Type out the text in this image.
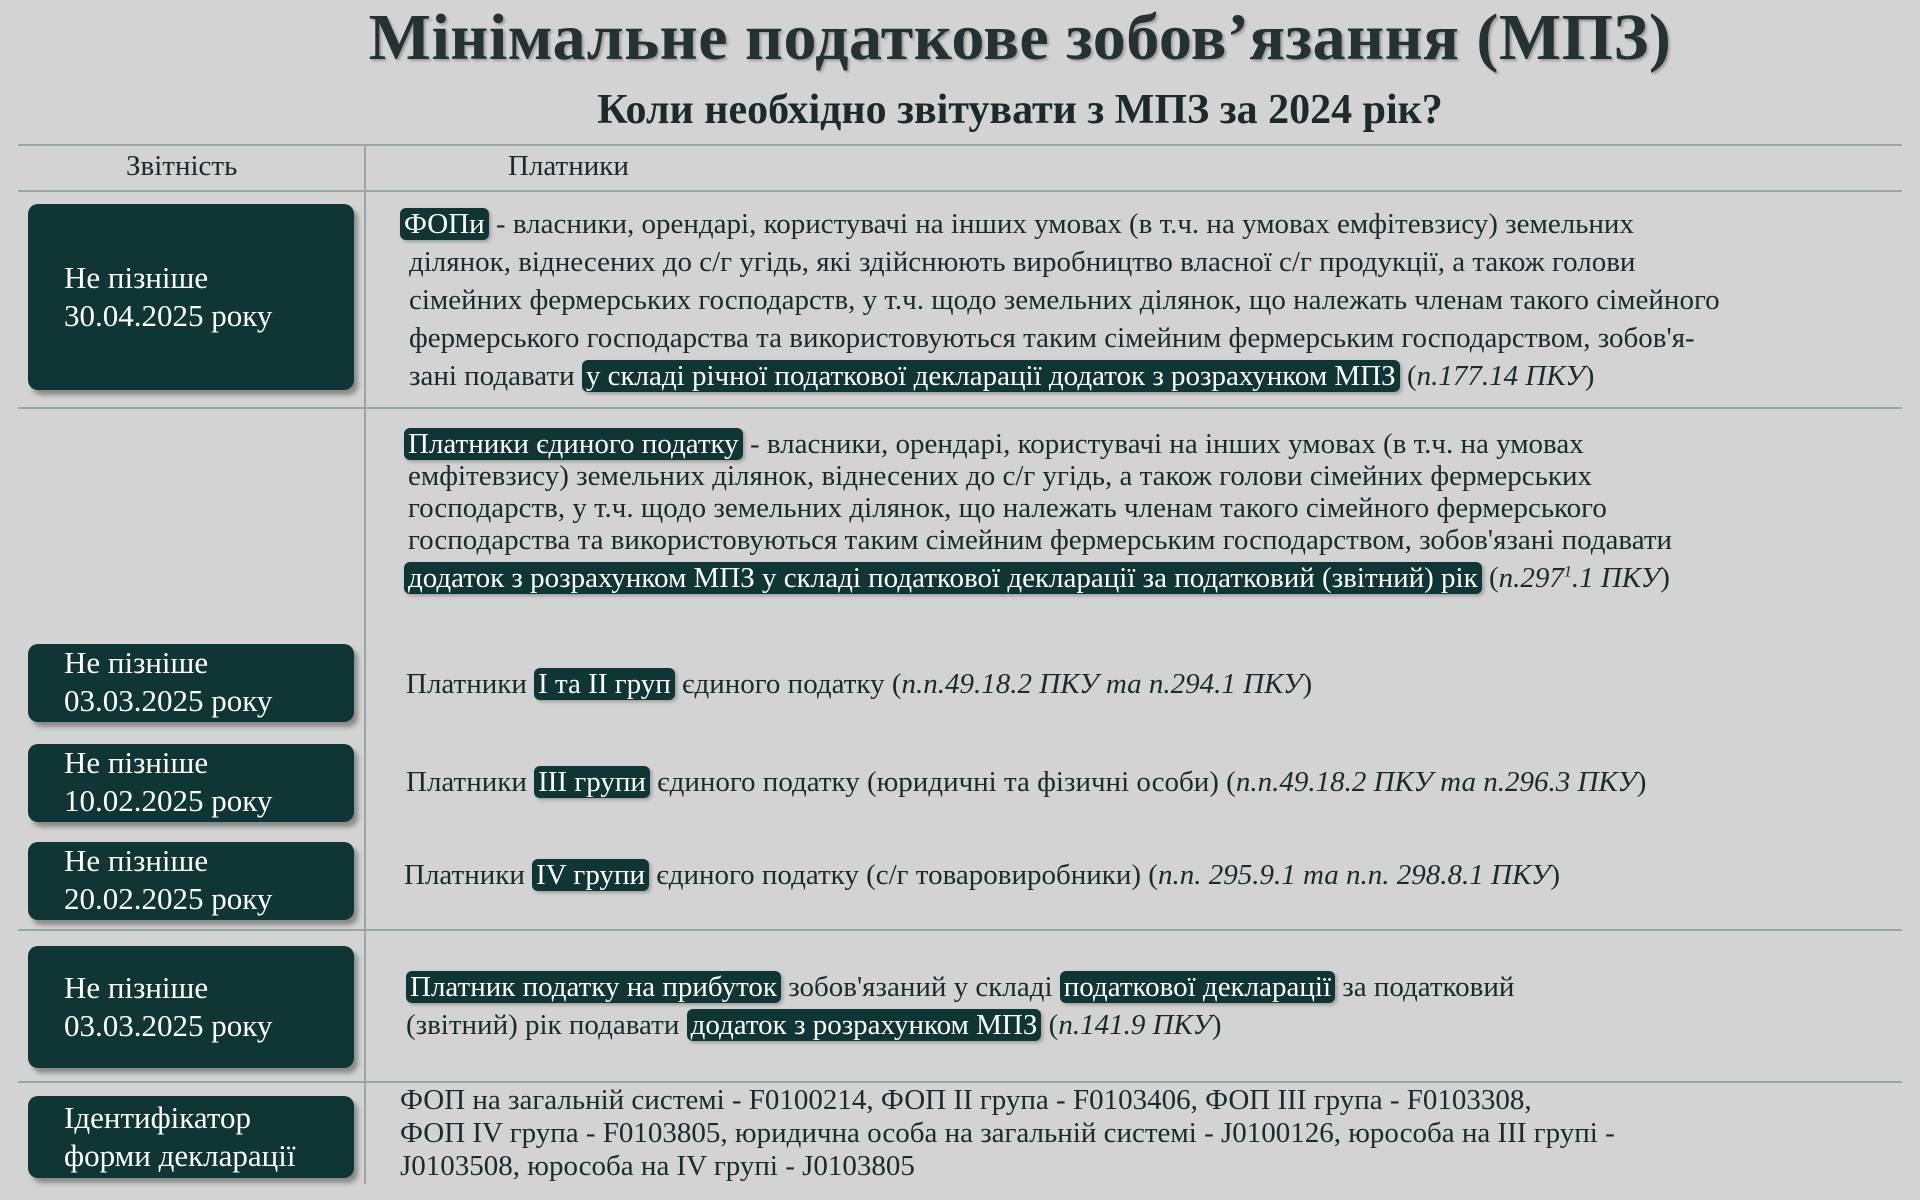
Мінімальне податкове зобов’язання (МПЗ)
Коли необхідно звітувати з МПЗ за 2024 рік?
Звітність	Платники
Не пізніше
30.04.2025 року
ФОПи - власники, орендарі, користувачі на інших умовах (в т.ч. на умовах емфітевзису) земельних
ділянок, віднесених до с/г угідь, які здійснюють виробництво власної с/г продукції, а також голови
сімейних фермерських господарств, у т.ч. щодо земельних ділянок, що належать членам такого сімейного
фермерського господарства та використовуються таким сімейним фермерським господарством, зобов'я-
зані подавати у складі річної податкової декларації додаток з розрахунком МПЗ (п.177.14 ПКУ)
Платники єдиного податку - власники, орендарі, користувачі на інших умовах (в т.ч. на умовах
емфітевзису) земельних ділянок, віднесених до с/г угідь, а також голови сімейних фермерських
господарств, у т.ч. щодо земельних ділянок, що належать членам такого сімейного фермерського
господарства та використовуються таким сімейним фермерським господарством, зобов'язані подавати
додаток з розрахунком МПЗ у складі податкової декларації за податковий (звітний) рік (п.297$^1$.1 ПКУ)
Не пізніше
03.03.2025 року	Платники І та ІІ груп єдиного податку (п.п.49.18.2 ПКУ та п.294.1 ПКУ)
Не пізніше
10.02.2025 року
Платники ІІІ групи єдиного податку (юридичні та фізичні особи) (п.п.49.18.2 ПКУ та п.296.3 ПКУ)
Не пізніше
20.02.2025 року
Платники ІV групи єдиного податку (с/г товаровиробники) (п.п. 295.9.1 та п.п. 298.8.1 ПКУ)
Не пізніше
03.03.2025 року
Платник податку на прибуток зобов'язаний у складі податкової декларації за податковий
(звітний) рік подавати додаток з розрахунком МПЗ (п.141.9 ПКУ)
Ідентифікатор
форми декларації
ФОП на загальній системі - F0100214, ФОП ІІ група - F0103406, ФОП ІІІ група - F0103308,
ФОП ІV група - F0103805, юридична особа на загальній системі - J0100126, юрособа на ІІІ групі -
J0103508, юрособа на ІV групі - J0103805
